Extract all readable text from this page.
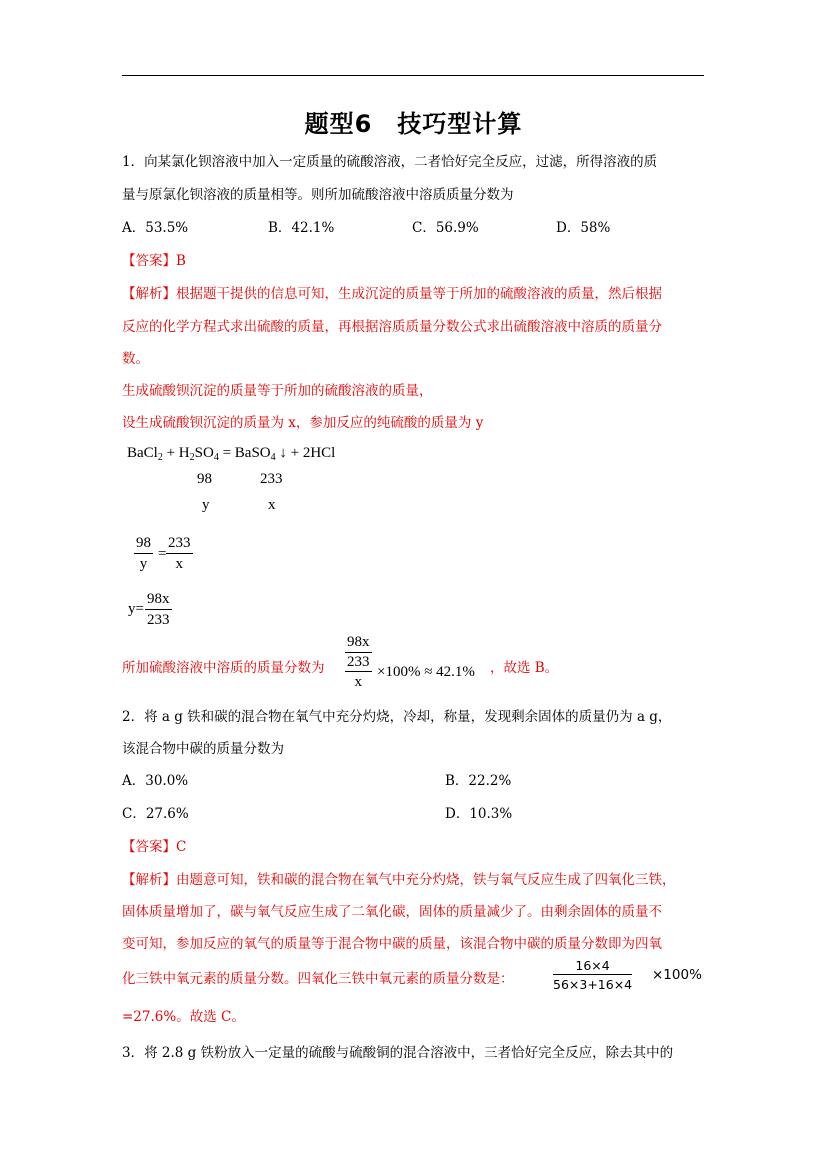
题型6　技巧型计算
1．向某氯化钡溶液中加入一定质量的硫酸溶液，二者恰好完全反应，过滤，所得溶液的质
量与原氯化钡溶液的质量相等。则所加硫酸溶液中溶质质量分数为
A．53.5%	B．42.1%	C．56.9%	D．58%
【答案】B
【解析】根据题干提供的信息可知，生成沉淀的质量等于所加的硫酸溶液的质量，然后根据
反应的化学方程式求出硫酸的质量，再根据溶质质量分数公式求出硫酸溶液中溶质的质量分
数。
生成硫酸钡沉淀的质量等于所加的硫酸溶液的质量，
设生成硫酸钡沉淀的质量为 x，参加反应的纯硫酸的质量为 y
BaCl$_2$ + $H_2SO_4$ = BaSO$_4$ ↓ + 2HCl
98	233
y	x
$\frac{98}{y} = \frac{233}{x}$
$y= \frac{98x}{233}$
所加硫酸溶液中溶质的质量分数为 98x
233
x ×100% ≈ 42.1% ，故选 B。
2．将 a g 铁和碳的混合物在氧气中充分灼烧，冷却，称量，发现剩余固体的质量仍为 a g，
该混合物中碳的质量分数为
A．30.0%	B．22.2%
C．27.6%	D．10.3%
【答案】C
【解析】由题意可知，铁和碳的混合物在氧气中充分灼烧，铁与氧气反应生成了四氧化三铁，
固体质量增加了，碳与氧气反应生成了二氧化碳，固体的质量减少了。由剩余固体的质量不
变可知，参加反应的氧气的质量等于混合物中碳的质量，该混合物中碳的质量分数即为四氧
化三铁中氧元素的质量分数。四氧化三铁中氧元素的质量分数是：	$\frac{16\times 4}{56\times 3+16\times 4} \times 100\%$
=27.6%。故选 C。
3．将 2.8 g 铁粉放入一定量的硫酸与硫酸铜的混合溶液中，三者恰好完全反应，除去其中的
